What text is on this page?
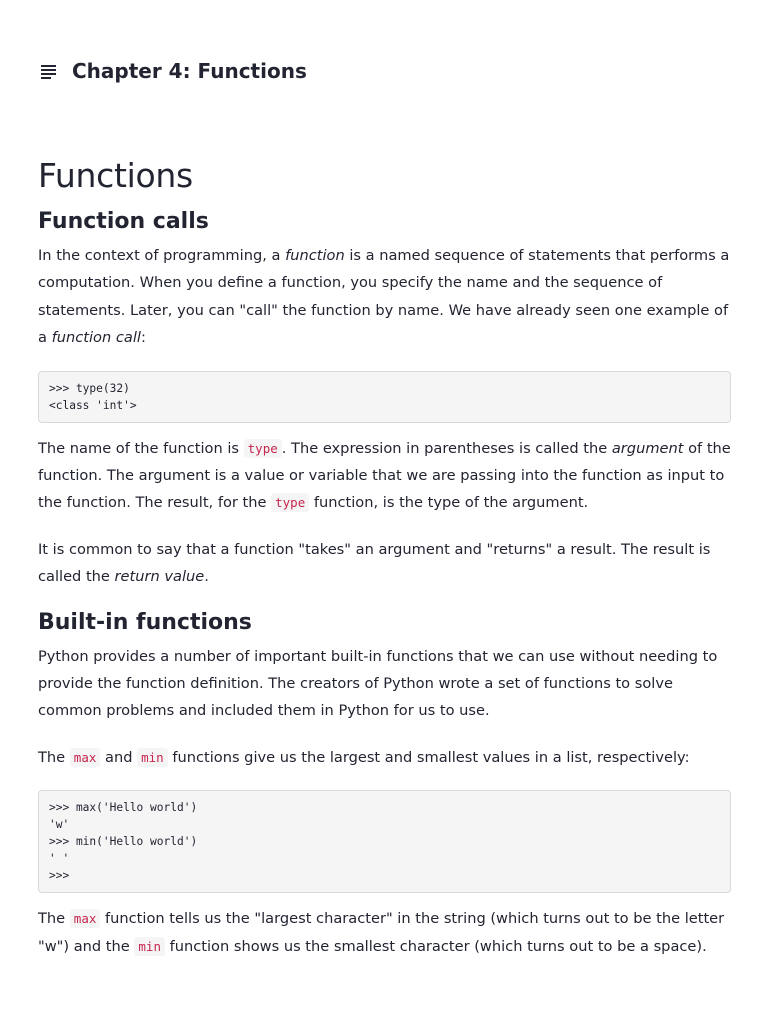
Chapter 4: Functions
Functions
Function calls

In the context of programming, a function is a named sequence of statements that performs a computation. When you define a function, you specify the name and the sequence of statements. Later, you can "call" the function by name. We have already seen one example of a function call:

>>> type(32)
<class 'int'>

The name of the function is type . The expression in parentheses is called the argument of the function. The argument is a value or variable that we are passing into the function as input to the function. The result, for the type function, is the type of the argument.

It is common to say that a function "takes" an argument and "returns" a result. The result is called the return value.

Built-in functions

Python provides a number of important built-in functions that we can use without needing to provide the function definition. The creators of Python wrote a set of functions to solve common problems and included them in Python for us to use.

The max and min functions give us the largest and smallest values in a list, respectively:

>>> max('Hello world')
'w'
>>> min('Hello world')
' '
>>>

The max function tells us the "largest character" in the string (which turns out to be the letter "w") and the min function shows us the smallest character (which turns out to be a space).
